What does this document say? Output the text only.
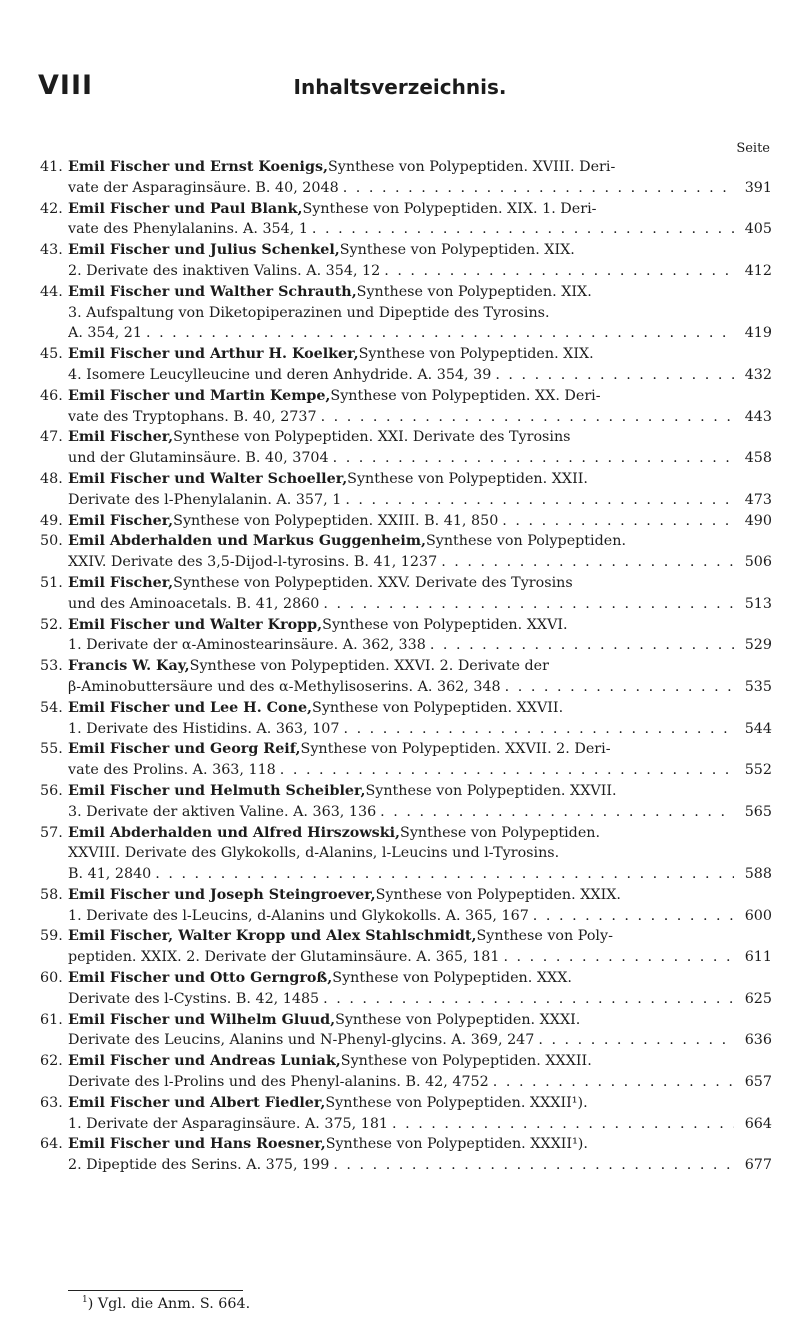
VIII	Inhaltsverzeichnis.
Seite
41. Emil Fischer und Ernst Koenigs, Synthese von Polypeptiden. XVIII. Deri-
vate der Asparaginsäure. B. 40, 2048 . . .	391
42. Emil Fischer und Paul Blank, Synthese von Polypeptiden. XIX. 1. Deri-
vate des Phenylalanins. A. 354, 1 . . .	405
43. Emil Fischer und Julius Schenkel, Synthese von Polypeptiden. XIX.
2. Derivate des inaktiven Valins. A. 354, 12 . . .	412
44. Emil Fischer und Walther Schrauth, Synthese von Polypeptiden. XIX.
3. Aufspaltung von Diketopiperazinen und Dipeptide des Tyrosins.
A. 354, 21 . . .	419
45. Emil Fischer und Arthur H. Koelker, Synthese von Polypeptiden. XIX.
4. Isomere Leucylleucine und deren Anhydride. A. 354, 39 . . .	432
46. Emil Fischer und Martin Kempe, Synthese von Polypeptiden. XX. Deri-
vate des Tryptophans. B. 40, 2737 . . .	443
47. Emil Fischer, Synthese von Polypeptiden. XXI. Derivate des Tyrosins
und der Glutaminsäure. B. 40, 3704 . . .	458
48. Emil Fischer und Walter Schoeller, Synthese von Polypeptiden. XXII.
Derivate des l-Phenylalanin. A. 357, 1 . . .	473
49. Emil Fischer, Synthese von Polypeptiden. XXIII. B. 41, 850 . . .	490
50. Emil Abderhalden und Markus Guggenheim, Synthese von Polypeptiden.
XXIV. Derivate des 3,5-Dijod-l-tyrosins. B. 41, 1237 . . .	506
51. Emil Fischer, Synthese von Polypeptiden. XXV. Derivate des Tyrosins
und des Aminoacetals. B. 41, 2860 . . .	513
52. Emil Fischer und Walter Kropp, Synthese von Polypeptiden. XXVI.
1. Derivate der α-Aminostearinsäure. A. 362, 338 . . .	529
53. Francis W. Kay, Synthese von Polypeptiden. XXVI. 2. Derivate der
β-Aminobuttersäure und des α-Methylisoserins. A. 362, 348 . . .	535
54. Emil Fischer und Lee H. Cone, Synthese von Polypeptiden. XXVII.
1. Derivate des Histidins. A. 363, 107 . . .	544
55. Emil Fischer und Georg Reif, Synthese von Polypeptiden. XXVII. 2. Deri-
vate des Prolins. A. 363, 118 . . .	552
56. Emil Fischer und Helmuth Scheibler, Synthese von Polypeptiden. XXVII.
3. Derivate der aktiven Valine. A. 363, 136 . . .	565
57. Emil Abderhalden und Alfred Hirszowski, Synthese von Polypeptiden.
XXVIII. Derivate des Glykokolls, d-Alanins, l-Leucins und l-Tyrosins.
B. 41, 2840 . . .	588
58. Emil Fischer und Joseph Steingroever, Synthese von Polypeptiden. XXIX.
1. Derivate des l-Leucins, d-Alanins und Glykokolls. A. 365, 167 . . .	600
59. Emil Fischer, Walter Kropp und Alex Stahlschmidt, Synthese von Poly-
peptiden. XXIX. 2. Derivate der Glutaminsäure. A. 365, 181 . . .	611
60. Emil Fischer und Otto Gerngroß, Synthese von Polypeptiden. XXX.
Derivate des l-Cystins. B. 42, 1485 . . .	625
61. Emil Fischer und Wilhelm Gluud, Synthese von Polypeptiden. XXXI.
Derivate des Leucins, Alanins und N-Phenyl-glycins. A. 369, 247 . . .	636
62. Emil Fischer und Andreas Luniak, Synthese von Polypeptiden. XXXII.
Derivate des l-Prolins und des Phenyl-alanins. B. 42, 4752 . . .	657
63. Emil Fischer und Albert Fiedler, Synthese von Polypeptiden. XXXII¹).
1. Derivate der Asparaginsäure. A. 375, 181 . . .	664
64. Emil Fischer und Hans Roesner, Synthese von Polypeptiden. XXXII¹).
2. Dipeptide des Serins. A. 375, 199 . . .	677
$^1$) Vgl. die Anm. S. 664.
